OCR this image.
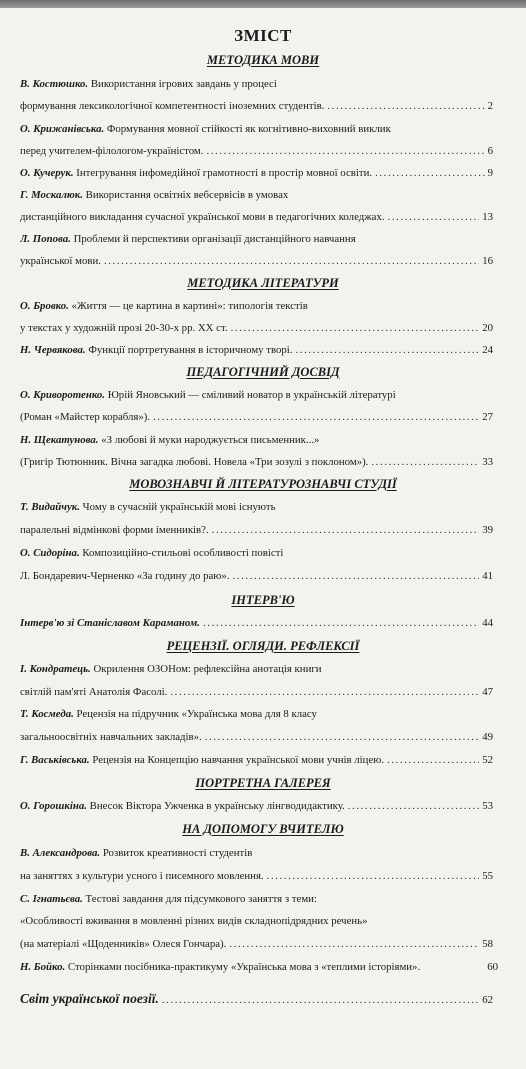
ЗМІСТ
МЕТОДИКА МОВИ
В. Костюшко. Використання ігрових завдань у процесі
формування лексикологічної компетентності іноземних студентів. .....	2
О. Крижанівська. Формування мовної стійкості як когнітивно-виховний виклик
перед учителем-філологом-україністом. .....	6
О. Кучерук. Інтегрування інфомедійної грамотності в простір мовної освіти. .....	9
Г. Москалюк. Використання освітніх вебсервісів в умовах
дистанційного викладання сучасної української мови в педагогічних коледжах. .....	13
Л. Попова. Проблеми й перспективи організації дистанційного навчання
української мови. .....	16
МЕТОДИКА ЛІТЕРАТУРИ
О. Бровко. «Життя — це картина в картині»: типологія текстів
у текстах у художній прозі 20-30-х рр. ХХ ст. .....	20
Н. Червякова. Функції портретування в історичному творі. .....	24
ПЕДАГОГІЧНИЙ ДОСВІД
О. Криворотенко. Юрій Яновський — сміливий новатор в українській літературі
(Роман «Майстер корабля»). .....	27
Н. Щекатунова. «З любові й муки народжується письменник...»
(Григір Тютюнник. Вічна загадка любові. Новела «Три зозулі з поклоном»). .....	33
МОВОЗНАВЧІ Й ЛІТЕРАТУРОЗНАВЧІ СТУДІЇ
Т. Видайчук. Чому в сучасній українській мові існують
паралельні відмінкові форми іменників?. .....	39
О. Сидоріна. Композиційно-стильові особливості повісті
Л. Бондаревич-Черненко «За годину до раю». .....	41
ІНТЕРВ'Ю
Інтерв'ю зі Станіславом Караманом. .....	44
РЕЦЕНЗІЇ. ОГЛЯДИ. РЕФЛЕКСІЇ
І. Кондратець. Окрилення ОЗОНом: рефлексійна анотація книги
світлій пам'яті Анатолія Фасолі. .....	47
Т. Космеда. Рецензія на підручник «Українська мова для 8 класу
загальноосвітніх навчальних закладів». .....	49
Г. Васьківська. Рецензія на Концепцію навчання української мови учнів ліцею. .....	52
ПОРТРЕТНА ГАЛЕРЕЯ
О. Горошкіна. Внесок Віктора Ужченка в українську лінгводидактику. .....	53
НА ДОПОМОГУ ВЧИТЕЛЮ
В. Александрова. Розвиток креативності студентів
на заняттях з культури усного і писемного мовлення. .....	55
С. Ігнатьєва. Тестові завдання для підсумкового заняття з теми:
«Особливості вживання в мовленні різних видів складнопідрядних речень»
(на матеріалі «Щоденників» Олеся Гончара). .....	58
Н. Бойко. Сторінками посібника-практикуму «Українська мова з «теплими історіями».	60
Світ української поезії. .....	62
